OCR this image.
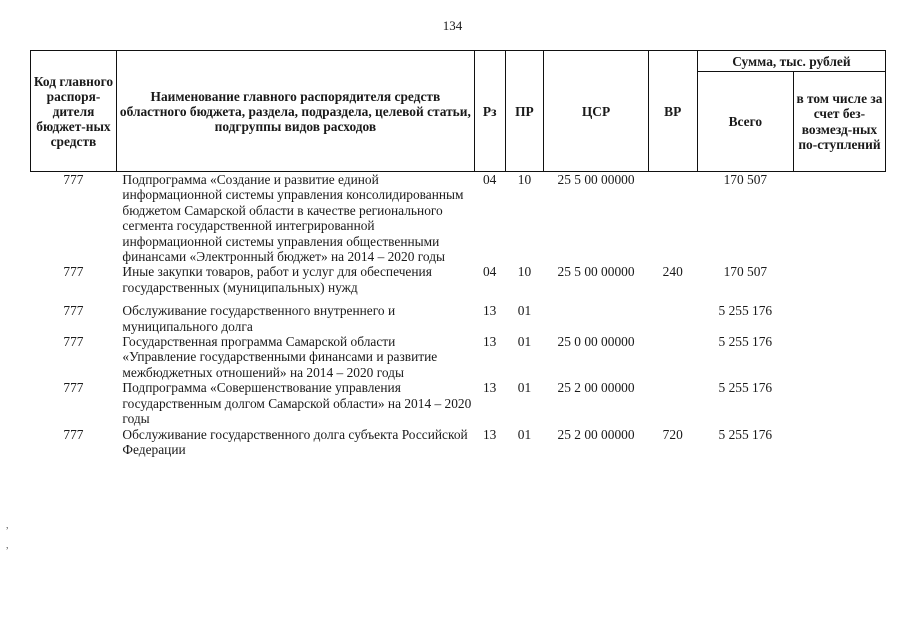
134
Код главного распоря-дителя бюджет-ных средств	Наименование главного распорядителя средств областного бюджета, раздела, подраздела, целевой статьи, подгруппы видов расходов	Рз	ПР	ЦСР	ВР	Сумма, тыс. рублей	
						Всего	в том числе за счет без-возмезд-ных по-ступлений
777	Подпрограмма «Создание и развитие единой информационной системы управления консолидированным бюджетом Самарской области в качестве регионального сегмента государственной интегрированной информационной системы управления общественными финансами «Электронный бюджет» на 2014 – 2020 годы	04	10	25 5 00 00000		170 507	
777	Иные закупки товаров, работ и услуг для обеспечения государственных (муниципальных) нужд	04	10	25 5 00 00000	240	170 507	
777	Обслуживание государственного внутреннего и муниципального долга	13	01			5 255 176	
777	Государственная программа Самарской области «Управление государственными финансами и развитие межбюджетных отношений» на 2014 – 2020 годы	13	01	25 0 00 00000		5 255 176	
777	Подпрограмма «Совершенствование управления государственным долгом Самарской области» на 2014 – 2020 годы	13	01	25 2 00 00000		5 255 176	
777	Обслуживание государственного долга субъекта Российской Федерации	13	01	25 2 00 00000	720	5 255 176	
,
,
